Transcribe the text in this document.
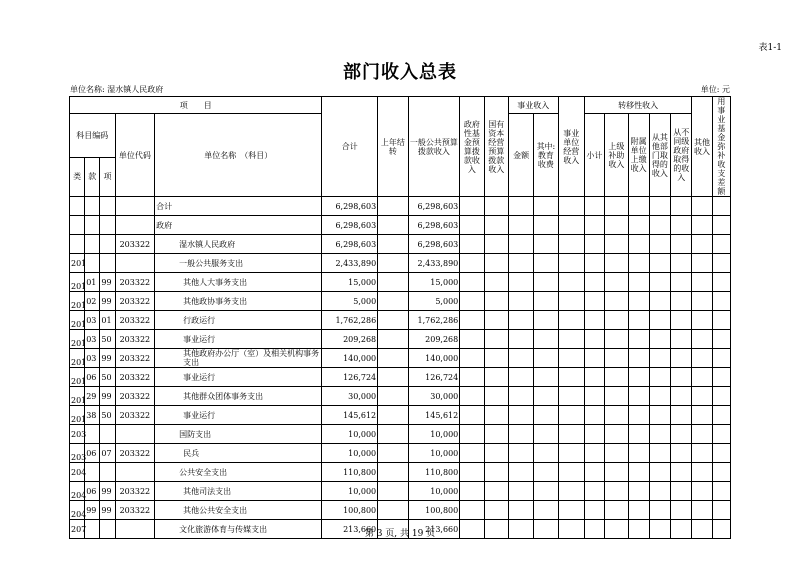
表1-1
部门收入总表
单位名称: 湿水镇人民政府	单位: 元
项　　目					合计	上年结转	一般公共预算拨款收入	政府性基金预算拨款收入	国有资本经营预算拨款收入	事业收入		事业单位经营收入	转移性收入					其他收入	用事业基金弥补收支差额
科目编码			单位代码	单位名称　（科目）						金额	其中:教育收费		小计	上级补助收入	附属单位上缴收入	从其他部门取得的收入	从不同级政府取得的收入		
类	款	项																	
				合计	6,298,603		6,298,603												
				政府	6,298,603		6,298,603												
			203322	湿水镇人民政府	6,298,603		6,298,603												
201				一般公共服务支出	2,433,890		2,433,890												
201	01	99	203322	其他人大事务支出	15,000		15,000												
201	02	99	203322	其他政协事务支出	5,000		5,000												
201	03	01	203322	行政运行	1,762,286		1,762,286												
201	03	50	203322	事业运行	209,268		209,268												
201	03	99	203322	其他政府办公厅（室）及相关机构事务支出	140,000		140,000												
201	06	50	203322	事业运行	126,724		126,724												
201	29	99	203322	其他群众团体事务支出	30,000		30,000												
201	38	50	203322	事业运行	145,612		145,612												
203				国防支出	10,000		10,000												
203	06	07	203322	民兵	10,000		10,000												
204				公共安全支出	110,800		110,800												
204	06	99	203322	其他司法支出	10,000		10,000												
204	99	99	203322	其他公共安全支出	100,800		100,800												
207				文化旅游体育与传媒支出	213,660		213,660												
第 3 页, 共 19 页
